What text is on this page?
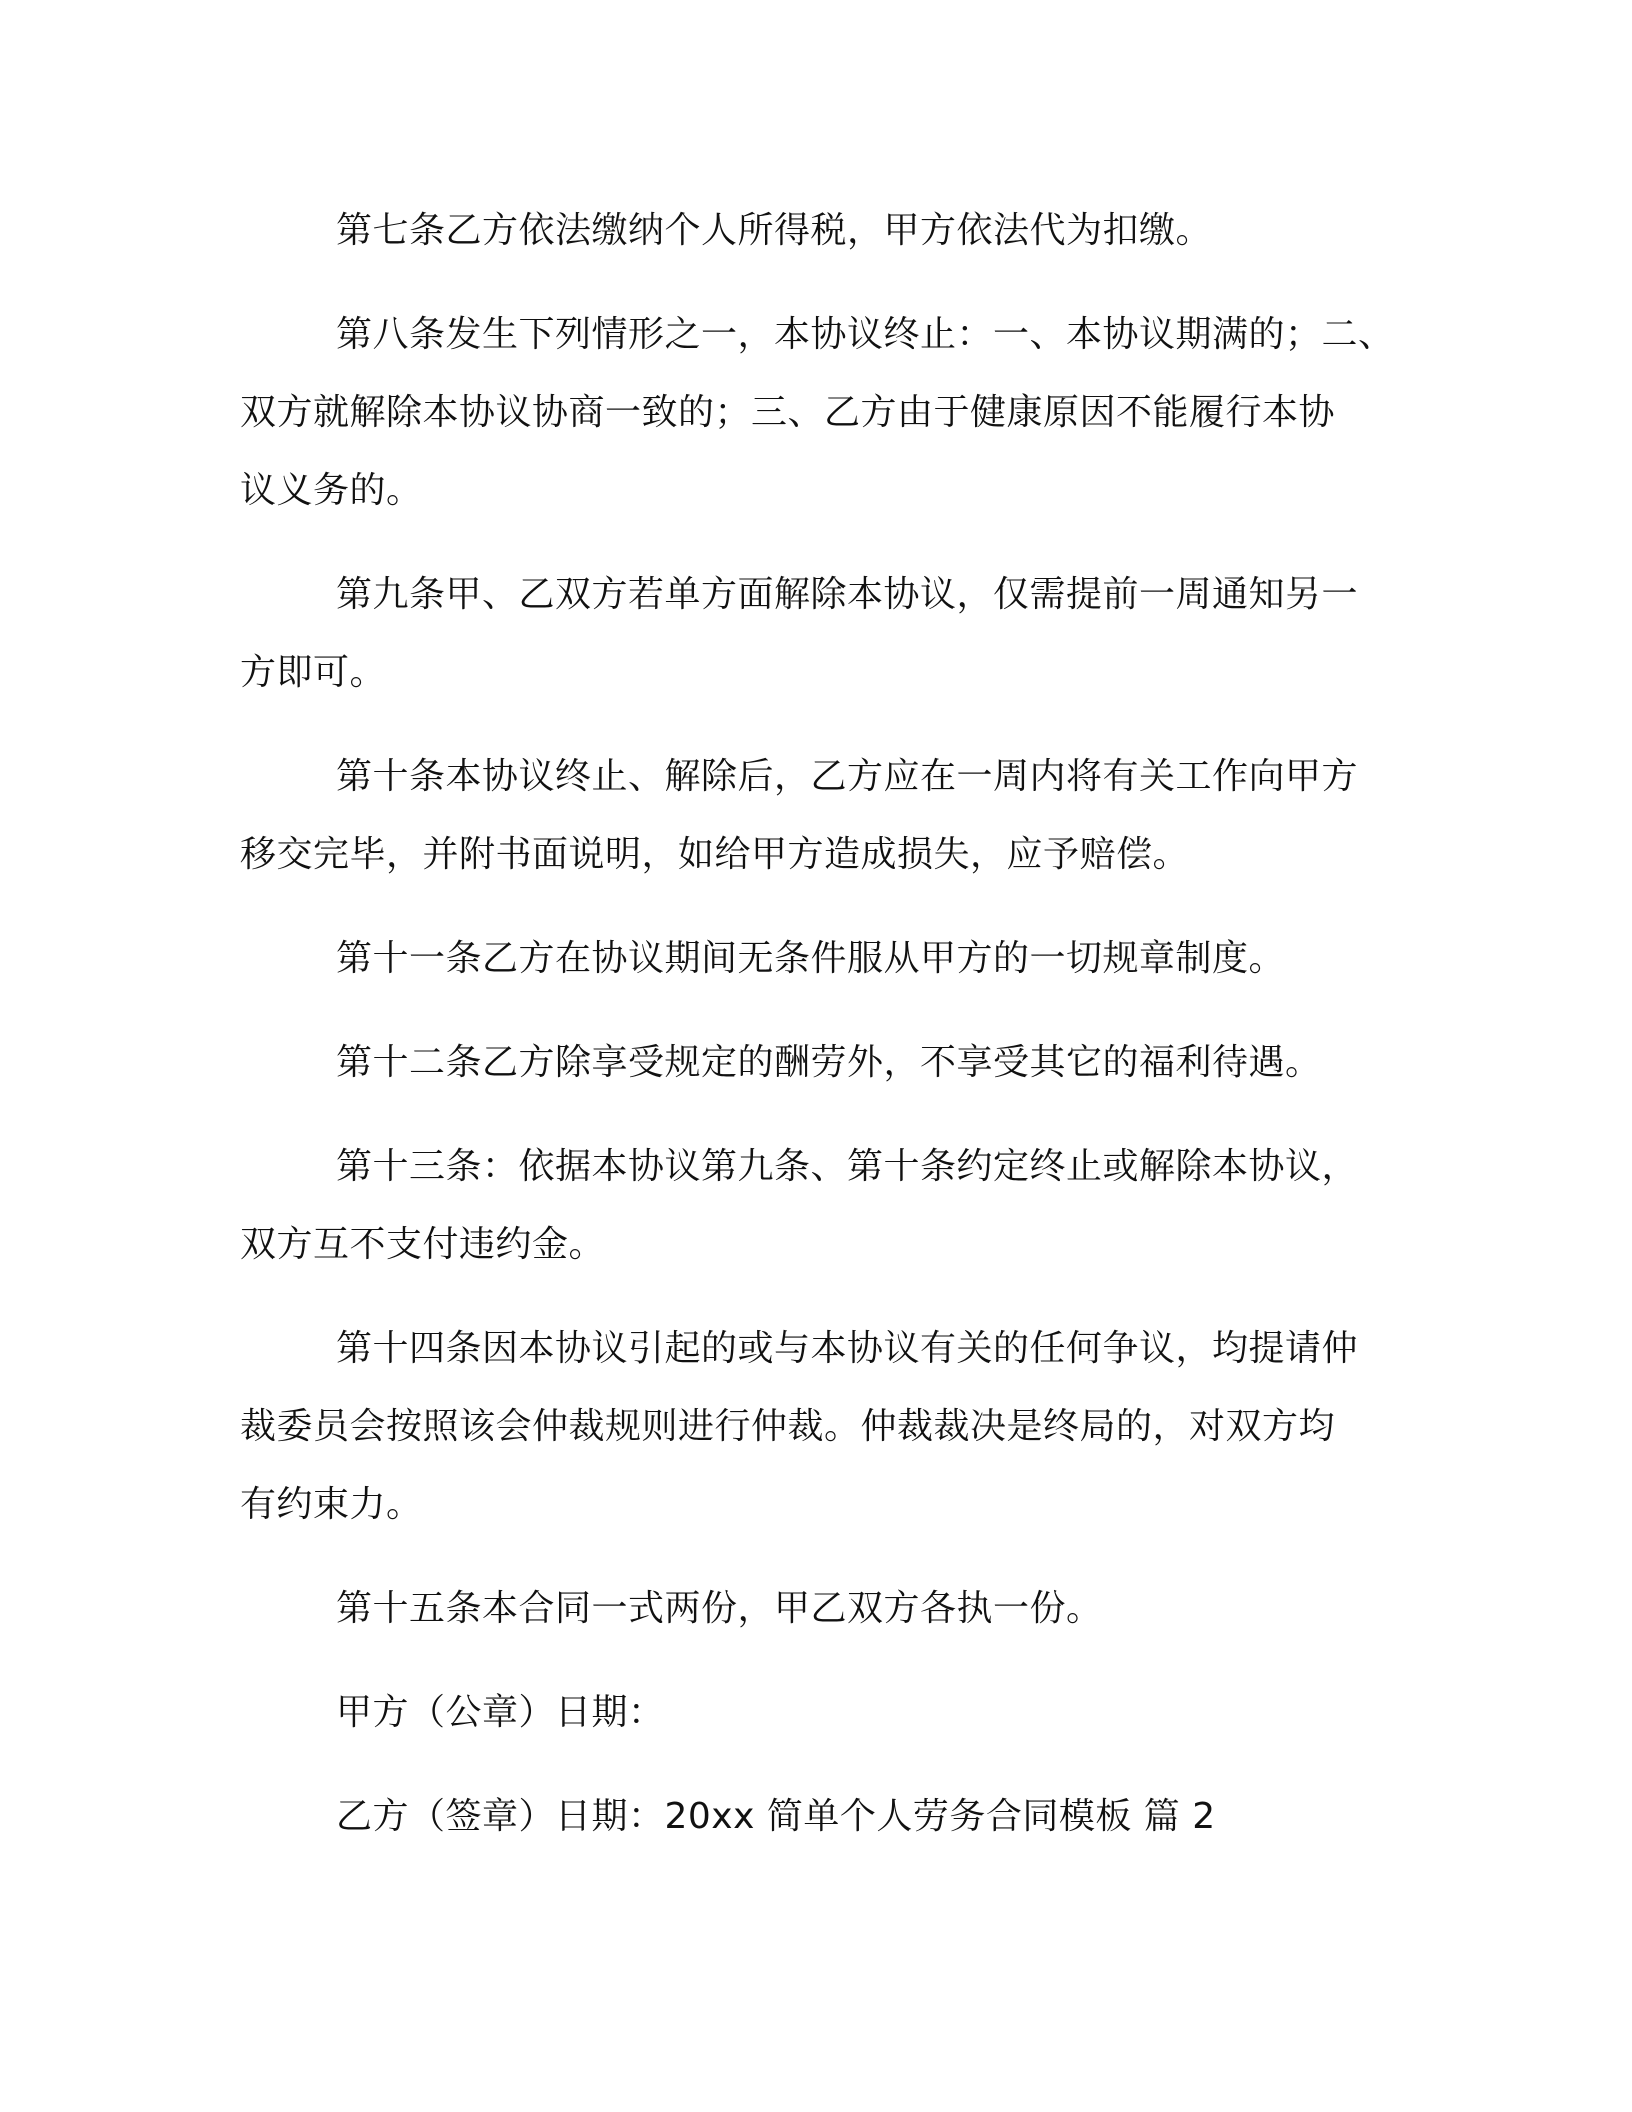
第七条乙方依法缴纳个人所得税，甲方依法代为扣缴。

第八条发生下列情形之一，本协议终止：一、本协议期满的；二、
双方就解除本协议协商一致的；三、乙方由于健康原因不能履行本协
议义务的。

第九条甲、乙双方若单方面解除本协议，仅需提前一周通知另一
方即可。

第十条本协议终止、解除后，乙方应在一周内将有关工作向甲方
移交完毕，并附书面说明，如给甲方造成损失，应予赔偿。

第十一条乙方在协议期间无条件服从甲方的一切规章制度。

第十二条乙方除享受规定的酬劳外，不享受其它的福利待遇。

第十三条：依据本协议第九条、第十条约定终止或解除本协议，
双方互不支付违约金。

第十四条因本协议引起的或与本协议有关的任何争议，均提请仲
裁委员会按照该会仲裁规则进行仲裁。仲裁裁决是终局的，对双方均
有约束力。

第十五条本合同一式两份，甲乙双方各执一份。

甲方（公章）日期：

乙方（签章）日期：20xx 简单个人劳务合同模板 篇 2
